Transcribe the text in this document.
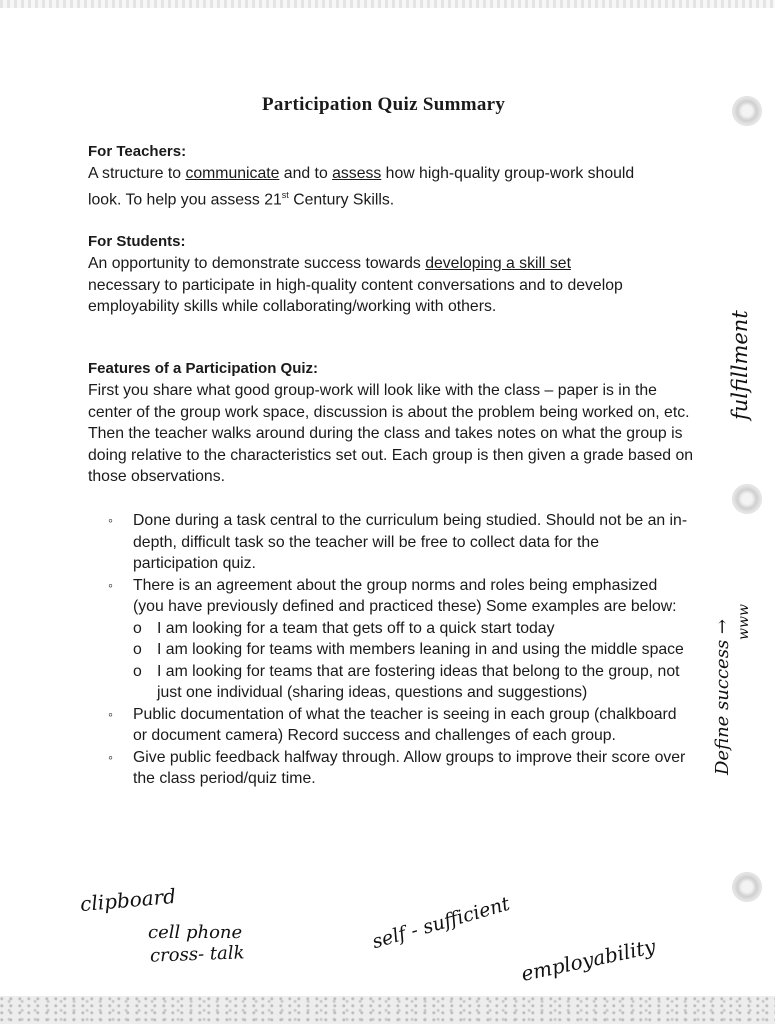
Participation Quiz Summary
For Teachers:

A structure to communicate and to assess how high-quality group-work should
look. To help you assess 21st Century Skills.

For Students:

An opportunity to demonstrate success towards developing a skill set
necessary to participate in high-quality content conversations and to develop
employability skills while collaborating/working with others.

Features of a Participation Quiz:

First you share what good group-work will look like with the class – paper is in the center of the group work space, discussion is about the problem being worked on, etc. Then the teacher walks around during the class and takes notes on what the group is doing relative to the characteristics set out. Each group is then given a grade based on those observations.

◦ Done during a task central to the curriculum being studied. Should not be an in-depth, difficult task so the teacher will be free to collect data for the participation quiz.
◦ There is an agreement about the group norms and roles being emphasized (you have previously defined and practiced these) Some examples are below:
o I am looking for a team that gets off to a quick start today
o I am looking for teams with members leaning in and using the middle space
o I am looking for teams that are fostering ideas that belong to the group, not just one individual (sharing ideas, questions and suggestions)
◦ Public documentation of what the teacher is seeing in each group (chalkboard or document camera) Record success and challenges of each group.
◦ Give public feedback halfway through. Allow groups to improve their score over the class period/quiz time.
fulfillment
Define success → www
clipboard
cell phone
cross- talk
self - sufficient
employability
